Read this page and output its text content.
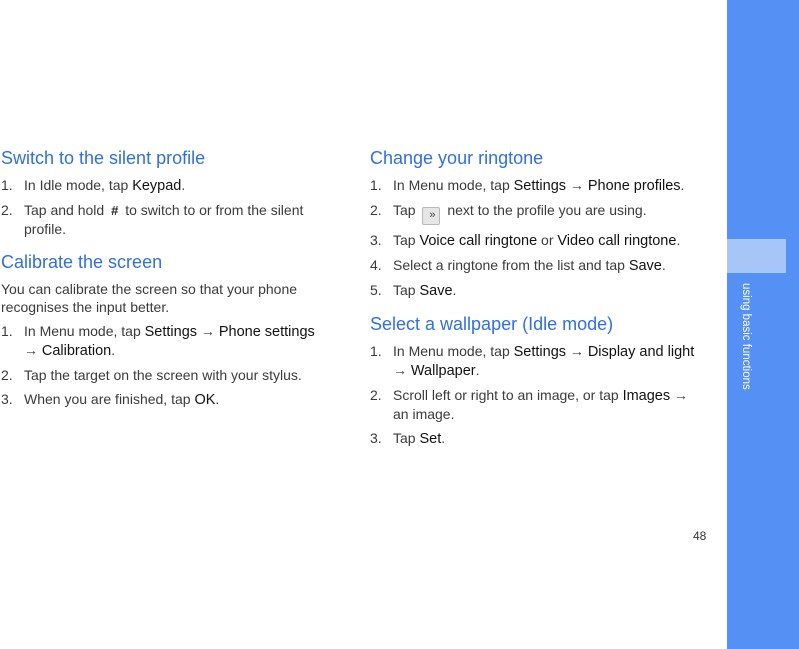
Switch to the silent profile
1. In Idle mode, tap Keypad.
2. Tap and hold # to switch to or from the silent profile.
Calibrate the screen

You can calibrate the screen so that your phone recognises the input better.

1. In Menu mode, tap Settings → Phone settings
→ Calibration.
2. Tap the target on the screen with your stylus.
3. When you are finished, tap OK.
Change your ringtone
1. In Menu mode, tap Settings → Phone profiles.
2. Tap » next to the profile you are using.
3. Tap Voice call ringtone or Video call ringtone.
4. Select a ringtone from the list and tap Save.
5. Tap Save.
Select a wallpaper (Idle mode)
1. In Menu mode, tap Settings → Display and light → Wallpaper.
2. Scroll left or right to an image, or tap Images → an image.
3. Tap Set.
48
using basic functions
